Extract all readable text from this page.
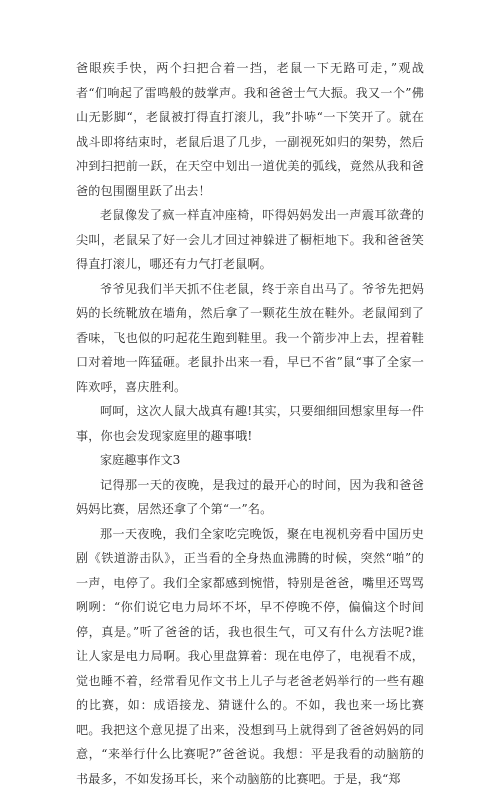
爸眼疾手快，两个扫把合着一挡，老鼠一下无路可走，”观战者“们响起了雷鸣般的鼓掌声。我和爸爸士气大振。我又一个”佛山无影脚“，老鼠被打得直打滚儿，我”扑哧“一下笑开了。就在战斗即将结束时，老鼠后退了几步，一副视死如归的架势，然后冲到扫把前一跃，在天空中划出一道优美的弧线，竟然从我和爸爸的包围圈里跃了出去！

老鼠像发了疯一样直冲座椅，吓得妈妈发出一声震耳欲聋的尖叫，老鼠呆了好一会儿才回过神躲进了橱柜地下。我和爸爸笑得直打滚儿，哪还有力气打老鼠啊。

爷爷见我们半天抓不住老鼠，终于亲自出马了。爷爷先把妈妈的长统靴放在墙角，然后拿了一颗花生放在鞋外。老鼠闻到了香味，飞也似的叼起花生跑到鞋里。我一个箭步冲上去，捏着鞋口对着地一阵猛砸。老鼠扑出来一看，早已不省”鼠“事了全家一阵欢呼，喜庆胜利。

呵呵，这次人鼠大战真有趣!其实，只要细细回想家里每一件事，你也会发现家庭里的趣事哦!

家庭趣事作文3

记得那一天的夜晚，是我过的最开心的时间，因为我和爸爸妈妈比赛，居然还拿了个第“一”名。

那一天夜晚，我们全家吃完晚饭，聚在电视机旁看中国历史剧《铁道游击队》，正当看的全身热血沸腾的时候，突然“啪”的一声，电停了。我们全家都感到惋惜，特别是爸爸，嘴里还骂骂咧咧：“你们说它电力局坏不坏，早不停晚不停，偏偏这个时间停，真是。”听了爸爸的话，我也很生气，可又有什么方法呢?谁让人家是电力局啊。我心里盘算着：现在电停了，电视看不成，觉也睡不着，经常看见作文书上儿子与老爸老妈举行的一些有趣的比赛，如：成语接龙、猜谜什么的。不如，我也来一场比赛吧。我把这个意见提了出来，没想到马上就得到了爸爸妈妈的同意，“来举行什么比赛呢?”爸爸说。我想：平是我看的动脑筋的书最多，不如发扬耳长，来个动脑筋的比赛吧。于是，我“郑
